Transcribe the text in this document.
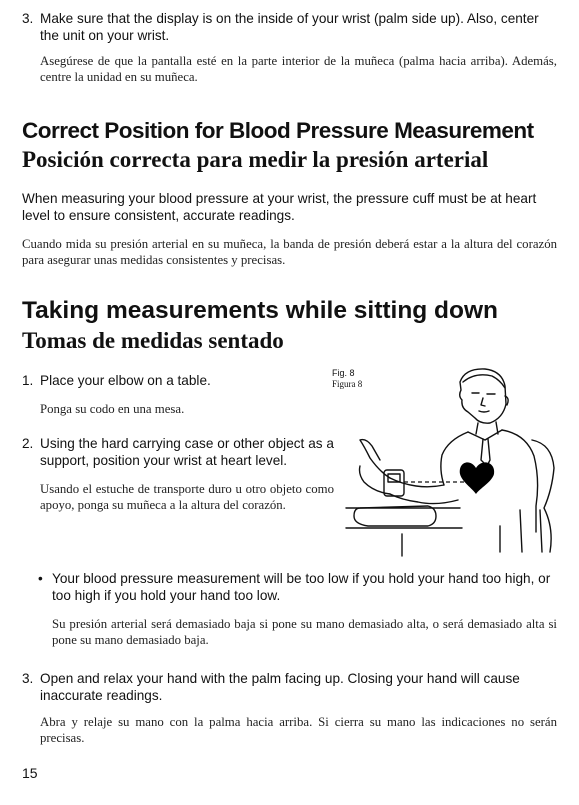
3. Make sure that the display is on the inside of your wrist (palm side up). Also, center the unit on your wrist.
Asegúrese de que la pantalla esté en la parte interior de la muñeca (palma hacia arriba). Además, centre la unidad en su muñeca.
Correct Position for Blood Pressure Measurement
Posición correcta para medir la presión arterial
When measuring your blood pressure at your wrist, the pressure cuff must be at heart level to ensure consistent, accurate readings.
Cuando mida su presión arterial en su muñeca, la banda de presión deberá estar a la altura del corazón para asegurar unas medidas consistentes y precisas.
Taking measurements while sitting down
Tomas de medidas sentado
1. Place your elbow on a table.
Ponga su codo en una mesa.
2. Using the hard carrying case or other object as a support, position your wrist at heart level.
Usando el estuche de transporte duro u otro objeto como apoyo, ponga su muñeca a la altura del corazón.
Fig. 8
Figura 8
• Your blood pressure measurement will be too low if you hold your hand too high, or too high if you hold your hand too low.
Su presión arterial será demasiado baja si pone su mano demasiado alta, o será demasiado alta si pone su mano demasiado baja.
3. Open and relax your hand with the palm facing up. Closing your hand will cause inaccurate readings.
Abra y relaje su mano con la palma hacia arriba. Si cierra su mano las indicaciones no serán precisas.
15
